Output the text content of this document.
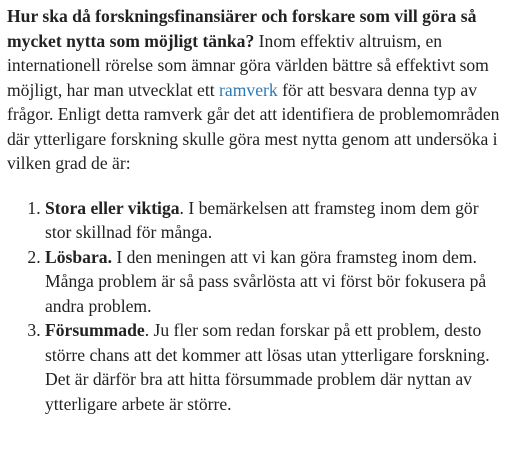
Hur ska då forskningsfinansiärer och forskare som vill göra så mycket nytta som möjligt tänka? Inom effektiv altruism, en internationell rörelse som ämnar göra världen bättre så effektivt som möjligt, har man utvecklat ett ramverk för att besvara denna typ av frågor. Enligt detta ramverk går det att identifiera de problemområden där ytterligare forskning skulle göra mest nytta genom att undersöka i vilken grad de är:

1. Stora eller viktiga. I bemärkelsen att framsteg inom dem gör stor skillnad för många.
2. Lösbara. I den meningen att vi kan göra framsteg inom dem. Många problem är så pass svårlösta att vi först bör fokusera på andra problem.
3. Försummade. Ju fler som redan forskar på ett problem, desto större chans att det kommer att lösas utan ytterligare forskning. Det är därför bra att hitta försummade problem där nyttan av ytterligare arbete är större.
